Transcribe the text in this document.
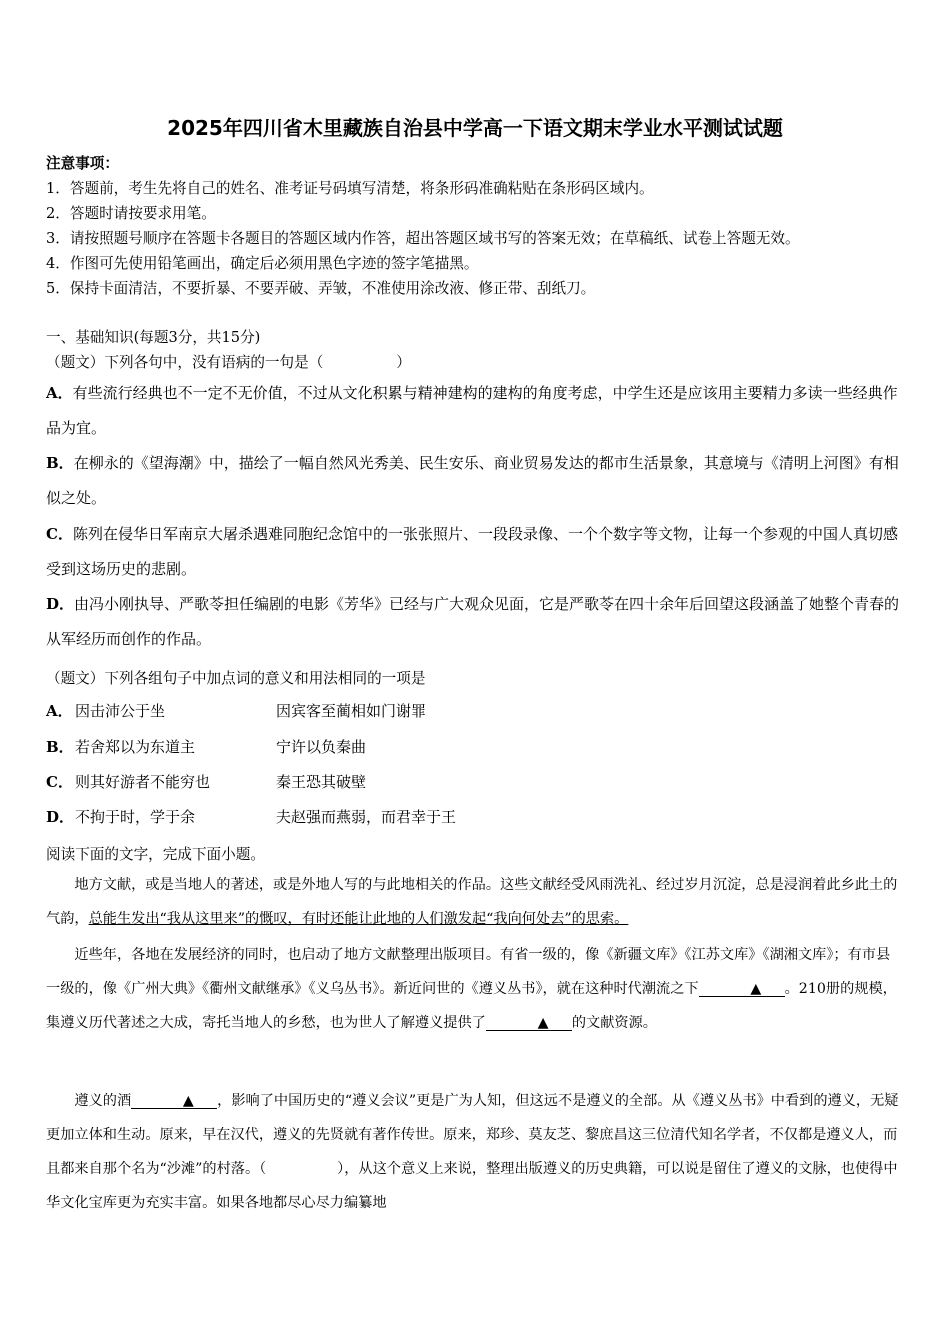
2025年四川省木里藏族自治县中学高一下语文期末学业水平测试试题
注意事项：
1．答题前，考生先将自己的姓名、准考证号码填写清楚，将条形码准确粘贴在条形码区域内。
2．答题时请按要求用笔。
3．请按照题号顺序在答题卡各题目的答题区域内作答，超出答题区域书写的答案无效；在草稿纸、试卷上答题无效。
4．作图可先使用铅笔画出，确定后必须用黑色字迹的签字笔描黑。
5．保持卡面清洁，不要折暴、不要弄破、弄皱，不准使用涂改液、修正带、刮纸刀。
一、基础知识(每题3分，共15分)
（题文）下列各句中，没有语病的一句是（　　　　　）
A．有些流行经典也不一定不无价值，不过从文化积累与精神建构的建构的角度考虑，中学生还是应该用主要精力多读一些经典作品为宜。
B．在柳永的《望海潮》中，描绘了一幅自然风光秀美、民生安乐、商业贸易发达的都市生活景象，其意境与《清明上河图》有相似之处。
C．陈列在侵华日军南京大屠杀遇难同胞纪念馆中的一张张照片、一段段录像、一个个数字等文物，让每一个参观的中国人真切感受到这场历史的悲剧。
D．由冯小刚执导、严歌苓担任编剧的电影《芳华》已经与广大观众见面，它是严歌苓在四十余年后回望这段涵盖了她整个青春的从军经历而创作的作品。
（题文）下列各组句子中加点词的意义和用法相同的一项是
A． 因击沛公于坐	因宾客至蔺相如门谢罪
B． 若舍郑以为东道主	宁许以负秦曲
C． 则其好游者不能穷也	秦王恐其破壁
D． 不拘于时，学于余	夫赵强而燕弱，而君幸于王
阅读下面的文字，完成下面小题。
地方文献，或是当地人的著述，或是外地人写的与此地相关的作品。这些文献经受风雨洗礼、经过岁月沉淀，总是浸润着此乡此土的气韵，总能生发出“我从这里来”的慨叹，有时还能让此地的人们激发起“我向何处去”的思索。
近些年，各地在发展经济的同时，也启动了地方文献整理出版项目。有省一级的，像《新疆文库》《江苏文库》《湖湘文库》；有市县一级的，像《广州大典》《衢州文献继承》《义乌丛书》。新近问世的《遵义丛书》，就在这种时代潮流之下	▲ 。210册的规模，集遵义历代著述之大成，寄托当地人的乡愁，也为世人了解遵义提供了	▲ 的文献资源。
遵义的酒	▲ ，影响了中国历史的“遵义会议”更是广为人知，但这远不是遵义的全部。从《遵义丛书》中看到的遵义，无疑更加立体和生动。原来，早在汉代，遵义的先贤就有著作传世。原来，郑珍、莫友芝、黎庶昌这三位清代知名学者，不仅都是遵义人，而且都来自那个名为“沙滩”的村落。（　　　　　），从这个意义上来说，整理出版遵义的历史典籍，可以说是留住了遵义的文脉，也使得中华文化宝库更为充实丰富。如果各地都尽心尽力编纂地
